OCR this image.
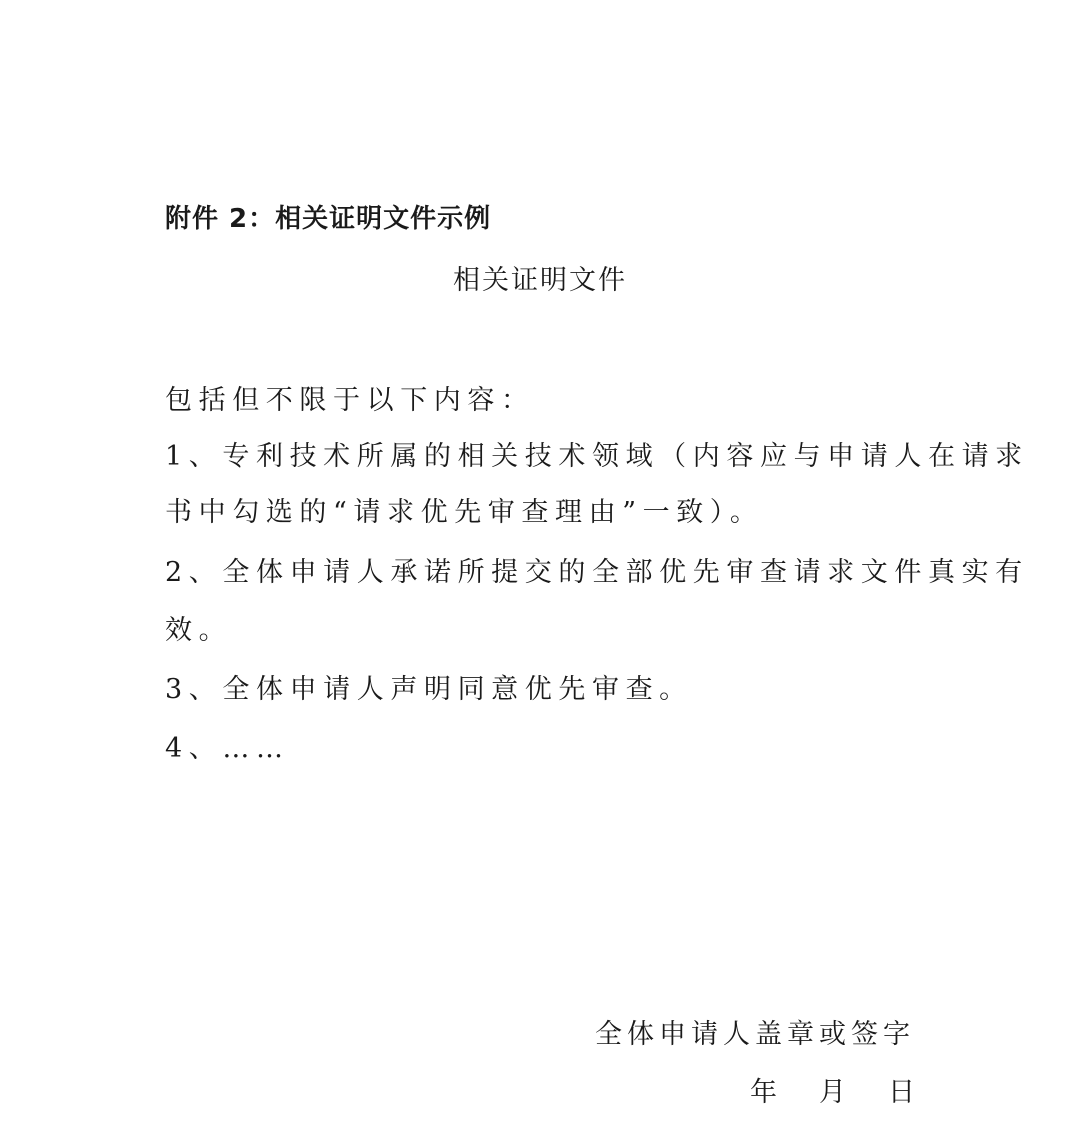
附件 2：相关证明文件示例
相关证明文件
包括但不限于以下内容：
1、专利技术所属的相关技术领域（内容应与申请人在请求
书中勾选的“请求优先审查理由”一致）。
2、全体申请人承诺所提交的全部优先审查请求文件真实有
效。
3、全体申请人声明同意优先审查。
4、……
全体申请人盖章或签字
年 月 日
